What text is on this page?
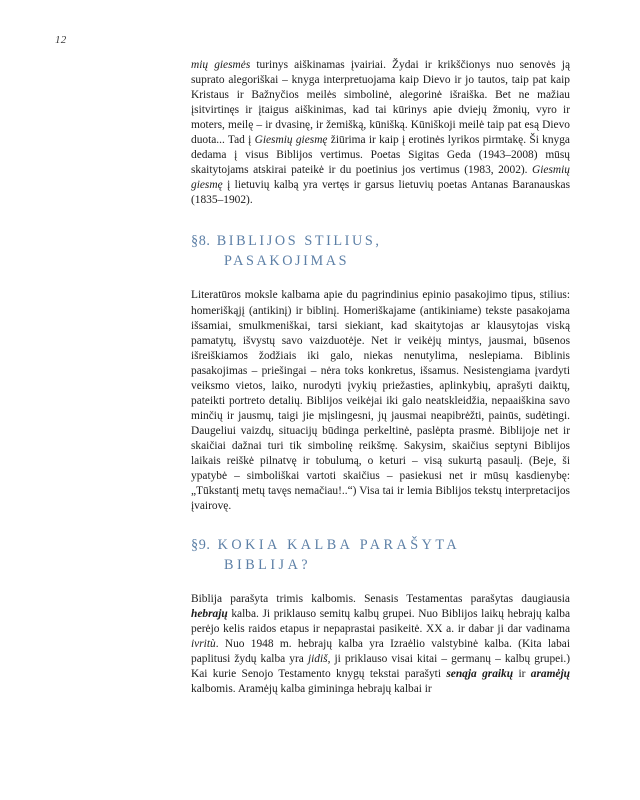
12

mių giesmės turinys aiškinamas įvairiai. Žydai ir krikščionys nuo senovės ją suprato alegoriškai – knyga interpretuojama kaip Dievo ir jo tautos, taip pat kaip Kristaus ir Bažnyčios meilės simbolinė, alegorinė išraiška. Bet ne mažiau įsitvirtinęs ir įtaigus aiškinimas, kad tai kūrinys apie dviejų žmonių, vyro ir moters, meilę – ir dvasinę, ir žemišką, kūnišką. Kūniškoji meilė taip pat esą Dievo duota... Tad į Giesmių giesmę žiūrima ir kaip į erotinės lyrikos pirmtakę. Ši knyga dedama į visus Biblijos vertimus. Poetas Sigitas Geda (1943–2008) mūsų skaitytojams atskirai pateikė ir du poetinius jos vertimus (1983, 2002). Giesmių giesmę į lietuvių kalbą yra vertęs ir garsus lietuvių poetas Antanas Baranauskas (1835–1902).

§8. BIBLIJOS STILIUS,
PASAKOJIMAS

Literatūros moksle kalbama apie du pagrindinius epinio pasakojimo tipus, stilius: homeriškąjį (antikinį) ir biblinį. Homeriškajame (antikiniame) tekste pasakojama išsamiai, smulkmeniškai, tarsi siekiant, kad skaitytojas ar klausytojas viską pamatytų, išvystų savo vaizduotėje. Net ir veikėjų mintys, jausmai, būsenos išreiškiamos žodžiais iki galo, niekas nenutylima, neslepiama. Biblinis pasakojimas – priešingai – nėra toks konkretus, išsamus. Nesistengiama įvardyti veiksmo vietos, laiko, nurodyti įvykių priežasties, aplinkybių, aprašyti daiktų, pateikti portreto detalių. Biblijos veikėjai iki galo neatskleidžia, nepaaiškina savo minčių ir jausmų, taigi jie mįslingesni, jų jausmai neapibrėžti, painūs, sudėtingi. Daugeliui vaizdų, situacijų būdinga perkeltinė, paslėpta prasmė. Biblijoje net ir skaičiai dažnai turi tik simbolinę reikšmę. Sakysim, skaičius septyni Biblijos laikais reiškė pilnatvę ir tobulumą, o keturi – visą sukurtą pasaulį. (Beje, ši ypatybė – simboliškai vartoti skaičius – pasiekusi net ir mūsų kasdienybę: „Tūkstantį metų tavęs nemačiau!..“) Visa tai ir lemia Biblijos tekstų interpretacijos įvairovę.

§9. KOKIA KALBA PARAŠYTA
BIBLIJA?

Biblija parašyta trimis kalbomis. Senasis Testamentas parašytas daugiausia hebrajų kalba. Ji priklauso semitų kalbų grupei. Nuo Biblijos laikų hebrajų kalba perėjo kelis raidos etapus ir nepaprastai pasikeitė. XX a. ir dabar ji dar vadinama ivritù. Nuo 1948 m. hebrajų kalba yra Izraėlio valstybinė kalba. (Kita labai paplitusi žydų kalba yra jidiš, ji priklauso visai kitai – germanų – kalbų grupei.) Kai kurie Senojo Testamento knygų tekstai parašyti senąja graikų ir aramėjų kalbomis. Aramėjų kalba gimininga hebrajų kalbai ir
